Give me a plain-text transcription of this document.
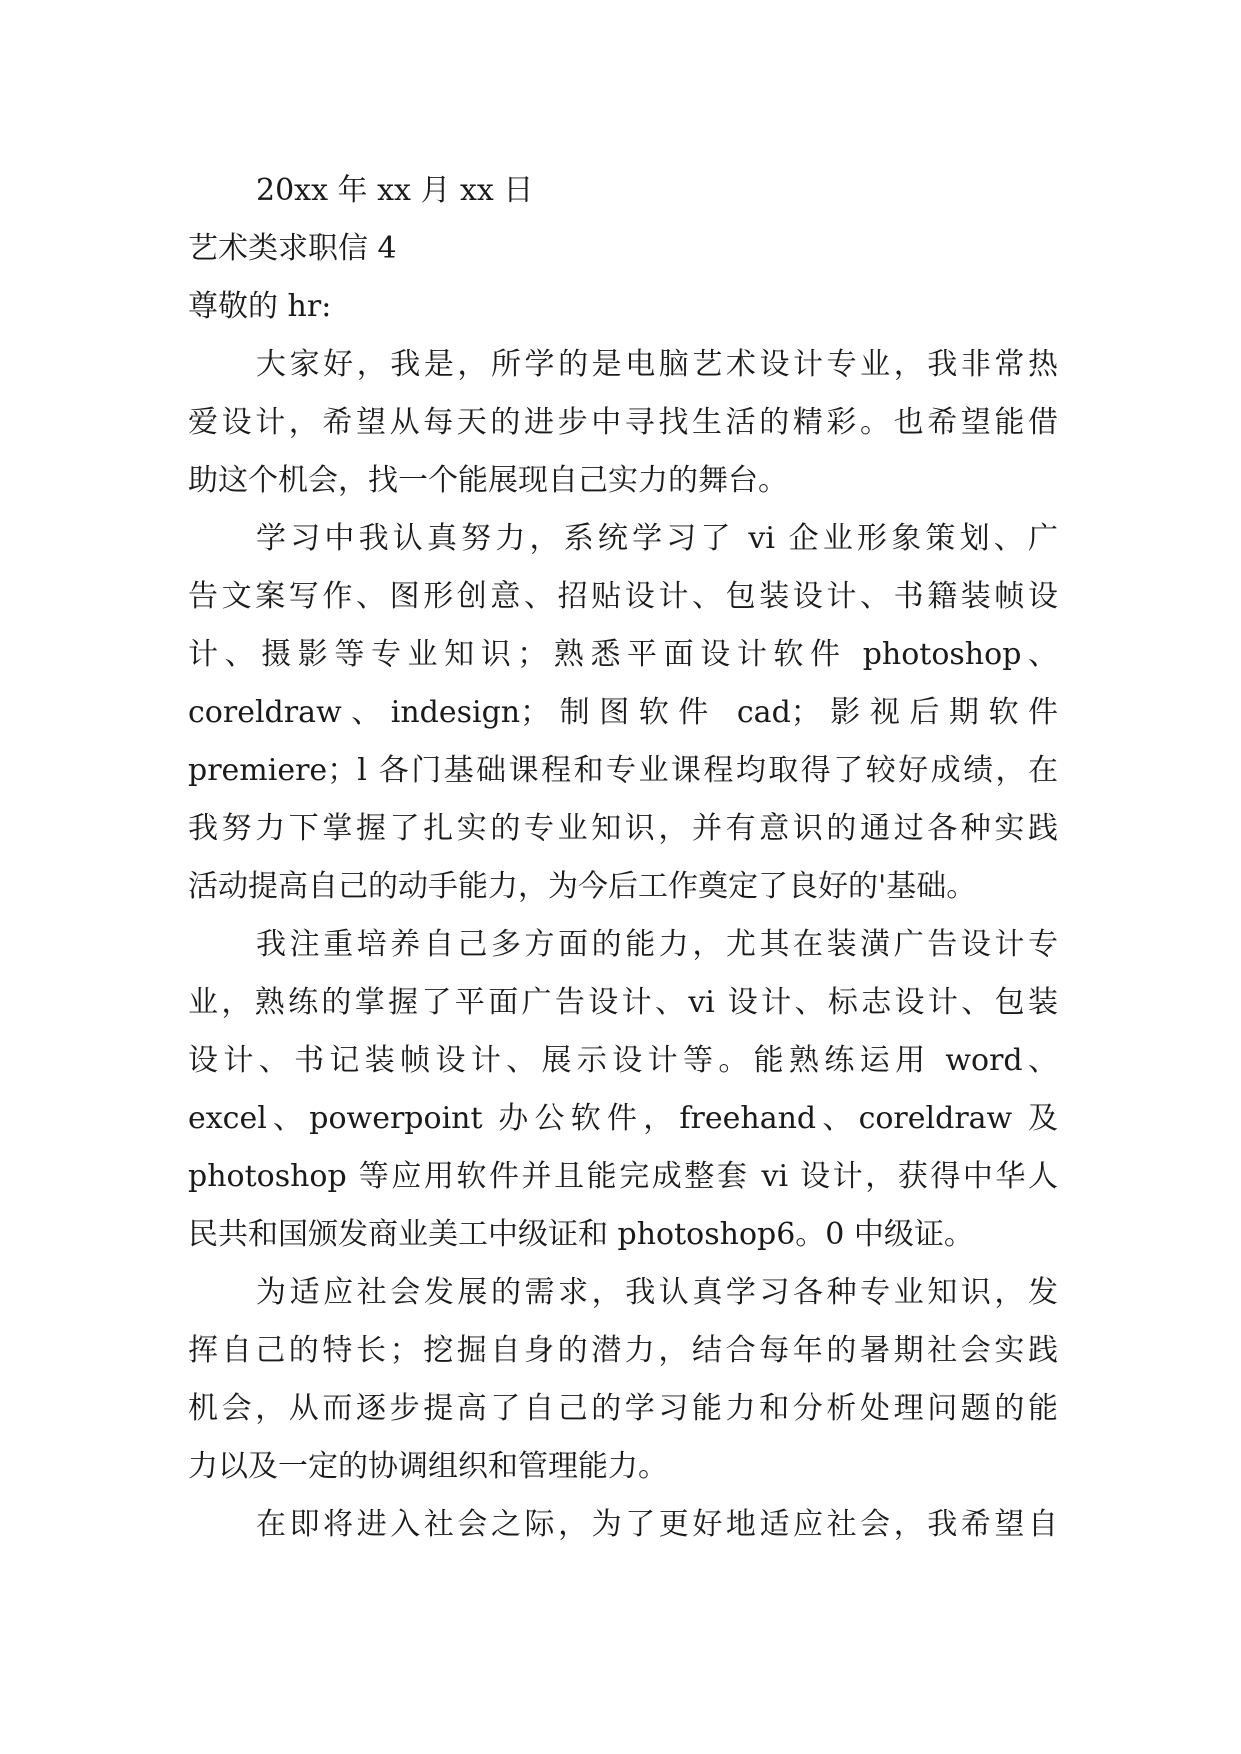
20xx 年 xx 月 xx 日

艺术类求职信 4

尊敬的 hr:

大家好，我是，所学的是电脑艺术设计专业，我非常热

爱设计，希望从每天的进步中寻找生活的精彩。也希望能借

助这个机会，找一个能展现自己实力的舞台。

学习中我认真努力，系统学习了 vi 企业形象策划、广

告文案写作、图形创意、招贴设计、包装设计、书籍装帧设

计、摄影等专业知识；熟悉平面设计软件 photoshop、

coreldraw、indesign；制图软件 cad；影视后期软件

premiere；l 各门基础课程和专业课程均取得了较好成绩，在

我努力下掌握了扎实的专业知识，并有意识的通过各种实践

活动提高自己的动手能力，为今后工作奠定了良好的'基础。

我注重培养自己多方面的能力，尤其在装潢广告设计专

业，熟练的掌握了平面广告设计、vi 设计、标志设计、包装

设计、书记装帧设计、展示设计等。能熟练运用 word、

excel、powerpoint 办公软件，freehand、coreldraw 及

photoshop 等应用软件并且能完成整套 vi 设计，获得中华人

民共和国颁发商业美工中级证和 photoshop6。0 中级证。

为适应社会发展的需求，我认真学习各种专业知识，发

挥自己的特长；挖掘自身的潜力，结合每年的暑期社会实践

机会，从而逐步提高了自己的学习能力和分析处理问题的能

力以及一定的协调组织和管理能力。

在即将进入社会之际，为了更好地适应社会，我希望自
